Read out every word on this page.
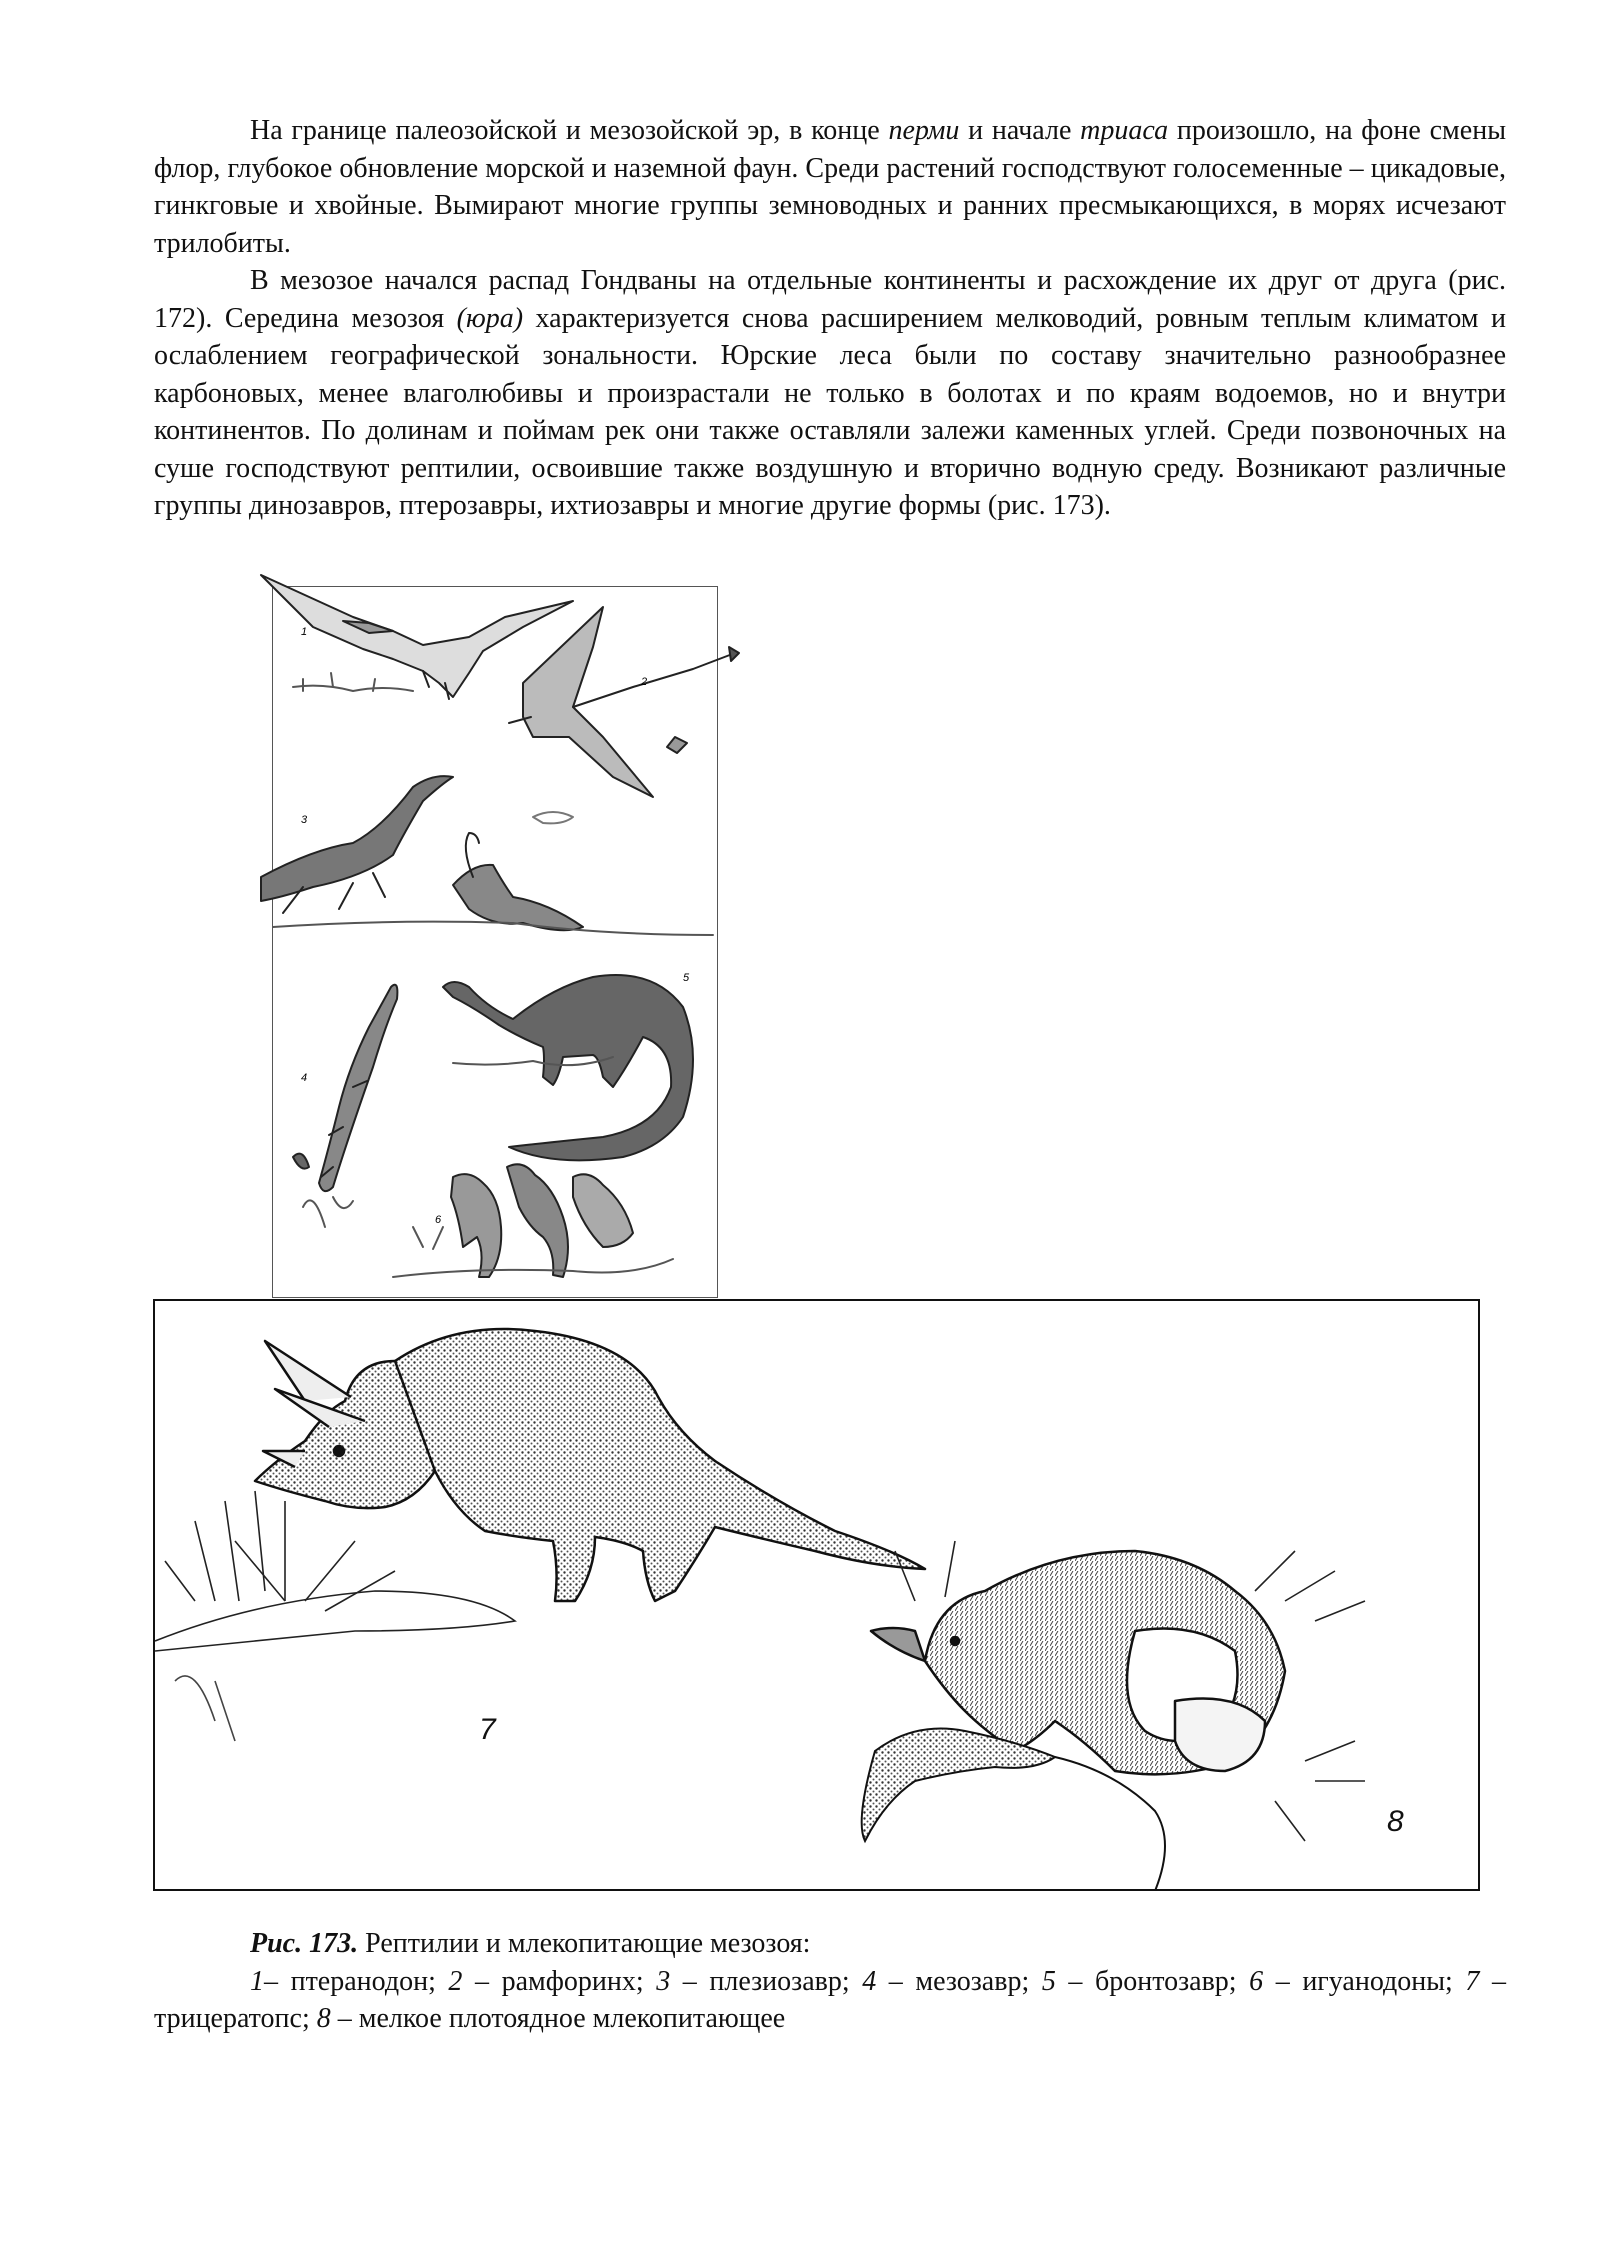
На границе палеозойской и мезозойской эр, в конце перми и начале триаса произошло, на фоне смены флор, глубокое обновление морской и наземной фаун. Среди растений господствуют голосеменные – цикадовые, гинкговые и хвойные. Вымирают многие группы земноводных и ранних пресмыкающихся, в морях исчезают трилобиты.

В мезозое начался распад Гондваны на отдельные континенты и расхождение их друг от друга (рис. 172). Середина мезозоя (юра) характеризуется снова расширением мелководий, ровным теплым климатом и ослаблением географической зональности. Юрские леса были по составу значительно разнообразнее карбоновых, менее влаголюбивы и произрастали не только в болотах и по краям водоемов, но и внутри континентов. По долинам и поймам рек они также оставляли залежи каменных углей. Среди позвоночных на суше господствуют рептилии, освоившие также воздушную и вторично водную среду. Возникают различные группы динозавров, птерозавры, ихтиозавры и многие другие формы (рис. 173).

1
2
3
4
5
6
7
8

Рис. 173. Рептилии и млекопитающие мезозоя:

1– птеранодон; 2 – рамфоринх; 3 – плезиозавр; 4 – мезозавр; 5 – бронтозавр; 6 – игуанодоны; 7 – трицератопс; 8 – мелкое плотоядное млекопитающее
